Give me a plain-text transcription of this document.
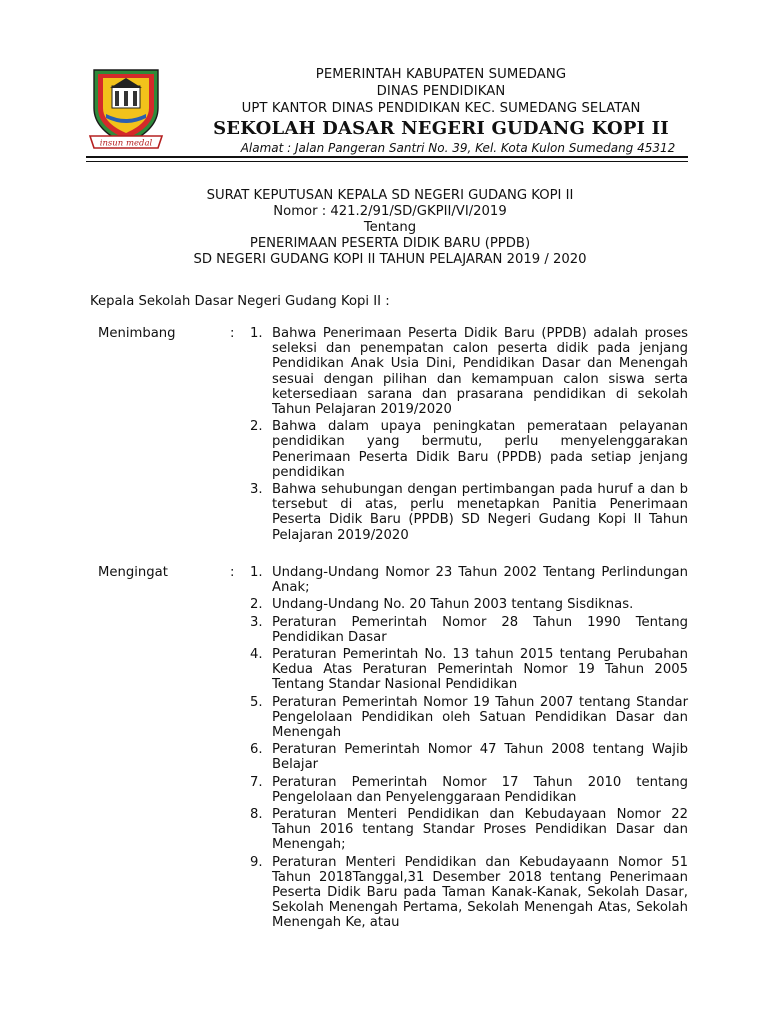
insun medal
PEMERINTAH KABUPATEN SUMEDANG
DINAS PENDIDIKAN
UPT KANTOR DINAS PENDIDIKAN KEC. SUMEDANG SELATAN
SEKOLAH DASAR NEGERI GUDANG KOPI II
Alamat : Jalan Pangeran Santri No. 39, Kel. Kota Kulon Sumedang 45312
SURAT KEPUTUSAN KEPALA SD NEGERI GUDANG KOPI II
Nomor : 421.2/91/SD/GKPII/VI/2019
Tentang
PENERIMAAN PESERTA DIDIK BARU (PPDB)
SD NEGERI GUDANG KOPI II TAHUN PELAJARAN 2019 / 2020
Kepala Sekolah Dasar Negeri Gudang Kopi II :
Menimbang	: 1. Bahwa Penerimaan Peserta Didik Baru (PPDB) adalah proses seleksi dan penempatan calon peserta didik pada jenjang Pendidikan Anak Usia Dini, Pendidikan Dasar dan Menengah sesuai dengan pilihan dan kemampuan calon siswa serta ketersediaan sarana dan prasarana pendidikan di sekolah Tahun Pelajaran 2019/2020
2. Bahwa dalam upaya peningkatan pemerataan pelayanan pendidikan yang bermutu, perlu menyelenggarakan Penerimaan Peserta Didik Baru (PPDB) pada setiap jenjang pendidikan
3. Bahwa sehubungan dengan pertimbangan pada huruf a dan b tersebut di atas, perlu menetapkan Panitia Penerimaan Peserta Didik Baru (PPDB) SD Negeri Gudang Kopi II Tahun Pelajaran 2019/2020
Mengingat	: 1. Undang-Undang Nomor 23 Tahun 2002 Tentang Perlindungan Anak;
2. Undang-Undang No. 20 Tahun 2003 tentang Sisdiknas.
3. Peraturan Pemerintah Nomor 28 Tahun 1990 Tentang Pendidikan Dasar
4. Peraturan Pemerintah No. 13 tahun 2015 tentang Perubahan Kedua Atas Peraturan Pemerintah Nomor 19 Tahun 2005 Tentang Standar Nasional Pendidikan
5. Peraturan Pemerintah Nomor 19 Tahun 2007 tentang Standar Pengelolaan Pendidikan oleh Satuan Pendidikan Dasar dan Menengah
6. Peraturan Pemerintah Nomor 47 Tahun 2008 tentang Wajib Belajar
7. Peraturan Pemerintah Nomor 17 Tahun 2010 tentang Pengelolaan dan Penyelenggaraan Pendidikan
8. Peraturan Menteri Pendidikan dan Kebudayaan Nomor 22 Tahun 2016 tentang Standar Proses Pendidikan Dasar dan Menengah;
9. Peraturan Menteri Pendidikan dan Kebudayaann Nomor 51 Tahun 2018Tanggal,31 Desember 2018 tentang Penerimaan Peserta Didik Baru pada Taman Kanak-Kanak, Sekolah Dasar, Sekolah Menengah Pertama, Sekolah Menengah Atas, Sekolah Menengah Ke, atau
